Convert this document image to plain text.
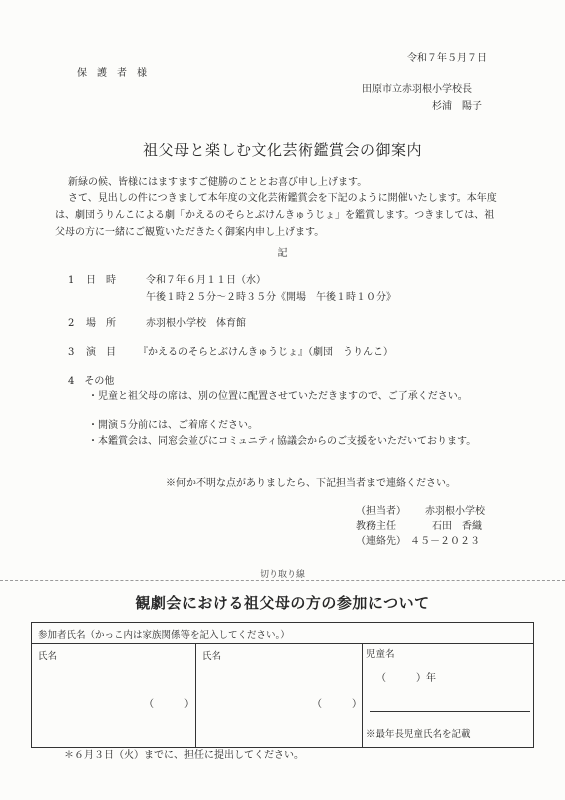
令和７年５月７日
保　護　者　様
田原市立赤羽根小学校長
杉浦　陽子
祖父母と楽しむ文化芸術鑑賞会の御案内
新緑の候、皆様にはますますご健勝のこととお喜び申し上げます。
さて、見出しの件につきまして本年度の文化芸術鑑賞会を下記のように開催いたします。本年度は、劇団うりんこによる劇「かえるのそらとぶけんきゅうじょ」を鑑賞します。つきましては、祖父母の方に一緒にご観覧いただきたく御案内申し上げます。
記
1 日　時	令和７年６月１１日（水）
午後１時２５分～２時３５分《開場　午後１時１０分》
2 場　所	赤羽根小学校　体育館
3 演　目 『かえるのそらとぶけんきゅうじょ』（劇団　うりんこ）
4　その他
・児童と祖父母の席は、別の位置に配置させていただきますので、ご了承ください。
・開演５分前には、ご着席ください。
・本鑑賞会は、同窓会並びにコミュニティ協議会からのご支援をいただいております。
※何か不明な点がありましたら、下記担当者まで連絡ください。
（担当者） 赤羽根小学校
教務主任	石田　香織
（連絡先） ４５－２０２３
切り取り線
観劇会における祖父母の方の参加について
参加者氏名（かっこ内は家族関係等を記入してください。）
氏名
（　　　）
氏名
（　　　）
児童名
（　　　）年
※最年長児童氏名を記載
＊６月３日（火）までに、担任に提出してください。
